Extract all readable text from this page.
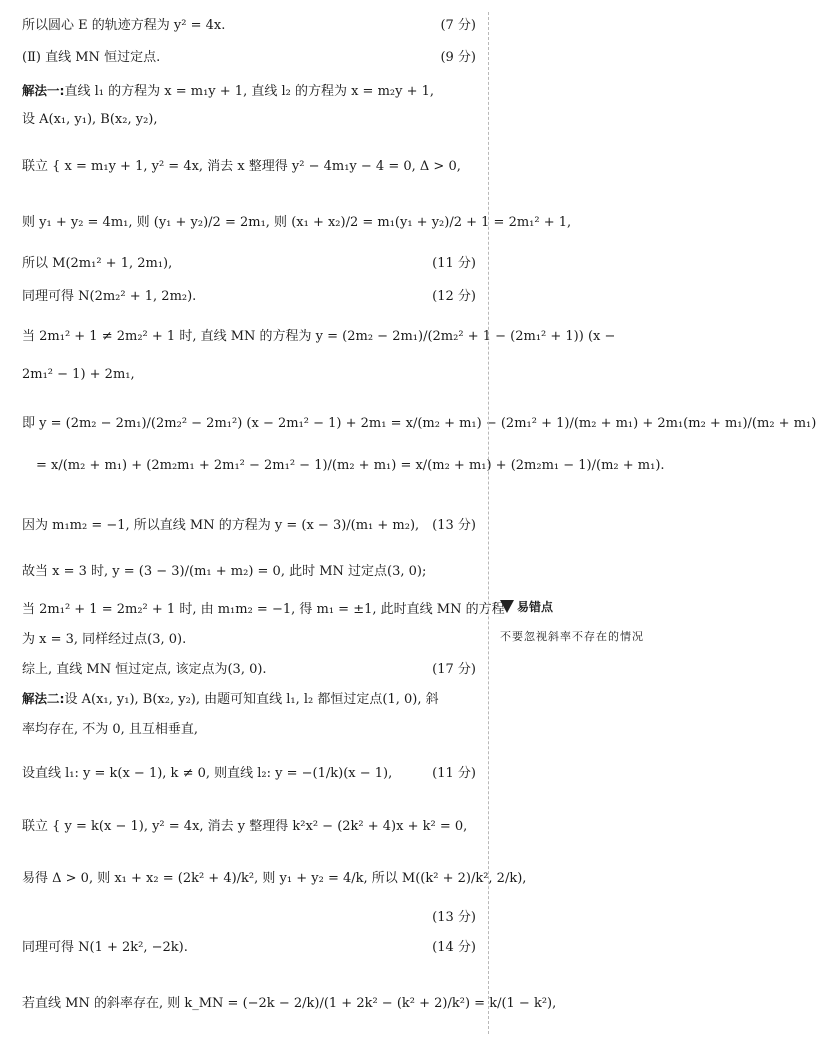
所以圆心 E 的轨迹方程为 y² = 4x.	(7 分)
(Ⅱ) 直线 MN 恒过定点.	(9 分)
解法一:直线 l₁ 的方程为 x = m₁y + 1, 直线 l₂ 的方程为 x = m₂y + 1,
设 A(x₁, y₁), B(x₂, y₂),
联立 { x = m₁y + 1, y² = 4x, 消去 x 整理得 y² − 4m₁y − 4 = 0, Δ > 0,
则 y₁ + y₂ = 4m₁, 则 (y₁ + y₂)/2 = 2m₁, 则 (x₁ + x₂)/2 = m₁(y₁ + y₂)/2 + 1 = 2m₁² + 1,
所以 M(2m₁² + 1, 2m₁),	(11 分)
同理可得 N(2m₂² + 1, 2m₂).	(12 分)
当 2m₁² + 1 ≠ 2m₂² + 1 时, 直线 MN 的方程为 y = (2m₂ − 2m₁)/(2m₂² + 1 − (2m₁² + 1)) (x −
2m₁² − 1) + 2m₁,
即 y = (2m₂ − 2m₁)/(2m₂² − 2m₁²) (x − 2m₁² − 1) + 2m₁ = x/(m₂ + m₁) − (2m₁² + 1)/(m₂ + m₁) + 2m₁(m₂ + m₁)/(m₂ + m₁)
= x/(m₂ + m₁) + (2m₂m₁ + 2m₁² − 2m₁² − 1)/(m₂ + m₁) = x/(m₂ + m₁) + (2m₂m₁ − 1)/(m₂ + m₁).
因为 m₁m₂ = −1, 所以直线 MN 的方程为 y = (x − 3)/(m₁ + m₂), (13 分)
故当 x = 3 时, y = (3 − 3)/(m₁ + m₂) = 0, 此时 MN 过定点(3, 0);
当 2m₁² + 1 = 2m₂² + 1 时, 由 m₁m₂ = −1, 得 m₁ = ±1, 此时直线 MN 的方程
为 x = 3, 同样经过点(3, 0).
综上, 直线 MN 恒过定点, 该定点为(3, 0).	(17 分)
解法二:设 A(x₁, y₁), B(x₂, y₂), 由题可知直线 l₁, l₂ 都恒过定点(1, 0), 斜
率均存在, 不为 0, 且互相垂直,
设直线 l₁: y = k(x − 1), k ≠ 0, 则直线 l₂: y = −(1/k)(x − 1),	(11 分)
联立 { y = k(x − 1), y² = 4x, 消去 y 整理得 k²x² − (2k² + 4)x + k² = 0,
易得 Δ > 0, 则 x₁ + x₂ = (2k² + 4)/k², 则 y₁ + y₂ = 4/k, 所以 M((k² + 2)/k², 2/k),
(13 分)
同理可得 N(1 + 2k², −2k).	(14 分)
若直线 MN 的斜率存在, 则 k_MN = (−2k − 2/k)/(1 + 2k² − (k² + 2)/k²) = k/(1 − k²),
易错点
不要忽视斜率不存在的情况
